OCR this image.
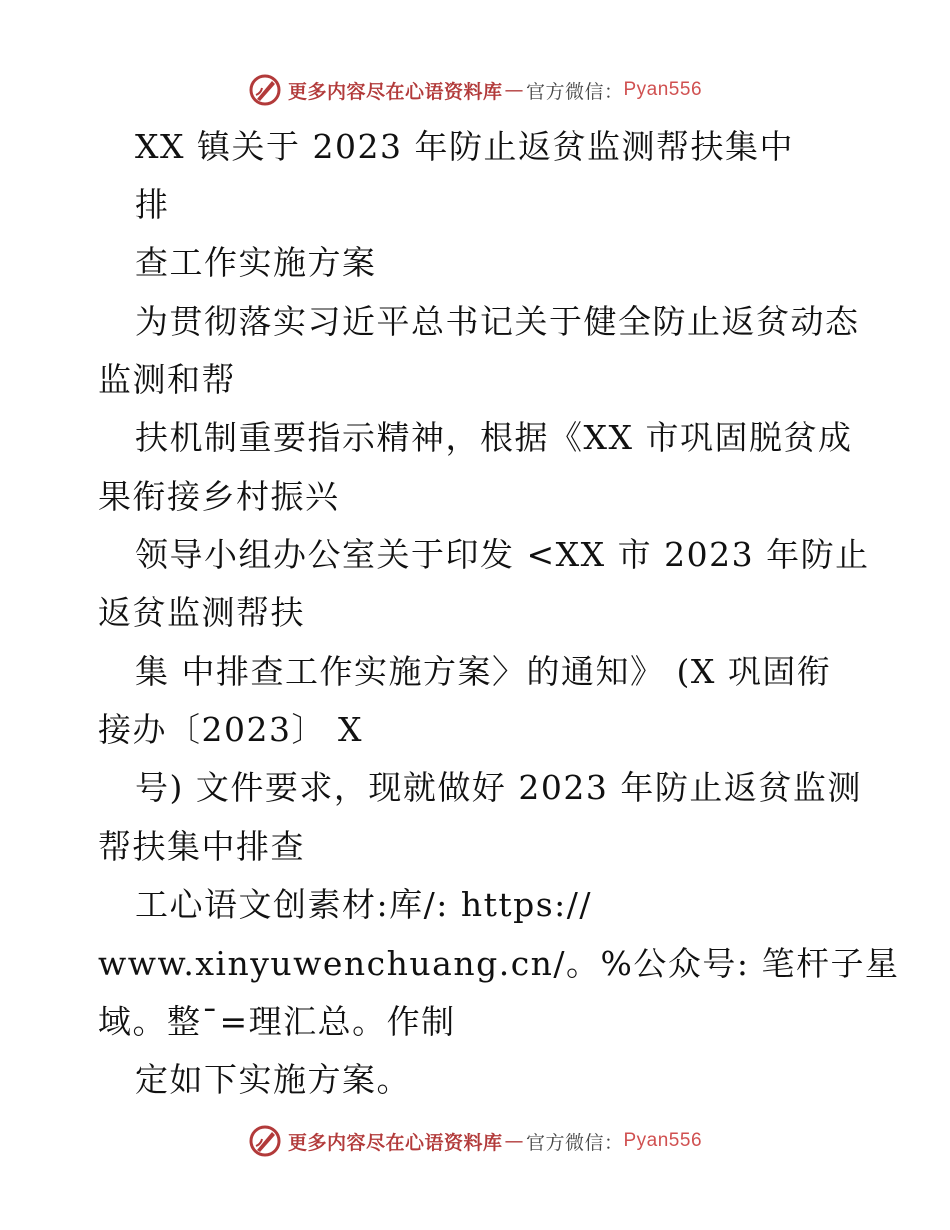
更多内容尽在心语资料库 — 官方微信： Pyan556
XX 镇关于 2023 年防止返贫监测帮扶集中
排
查工作实施方案
为贯彻落实习近平总书记关于健全防止返贫动态
监测和帮
扶机制重要指示精神，根据《XX 市巩固脱贫成
果衔接乡村振兴
领导小组办公室关于印发 <XX 市 2023 年防止
返贫监测帮扶
集 中排查工作实施方案〉的通知》 (X 巩固衔
接办〔2023〕 X
号) 文件要求，现就做好 2023 年防止返贫监测
帮扶集中排查
工心语文创素材:库/: https://
www.xinyuwenchuang.cn/。%公众号: 笔杆子星
域。整¯=理汇总。作制
定如下实施方案。
更多内容尽在心语资料库 — 官方微信： Pyan556
